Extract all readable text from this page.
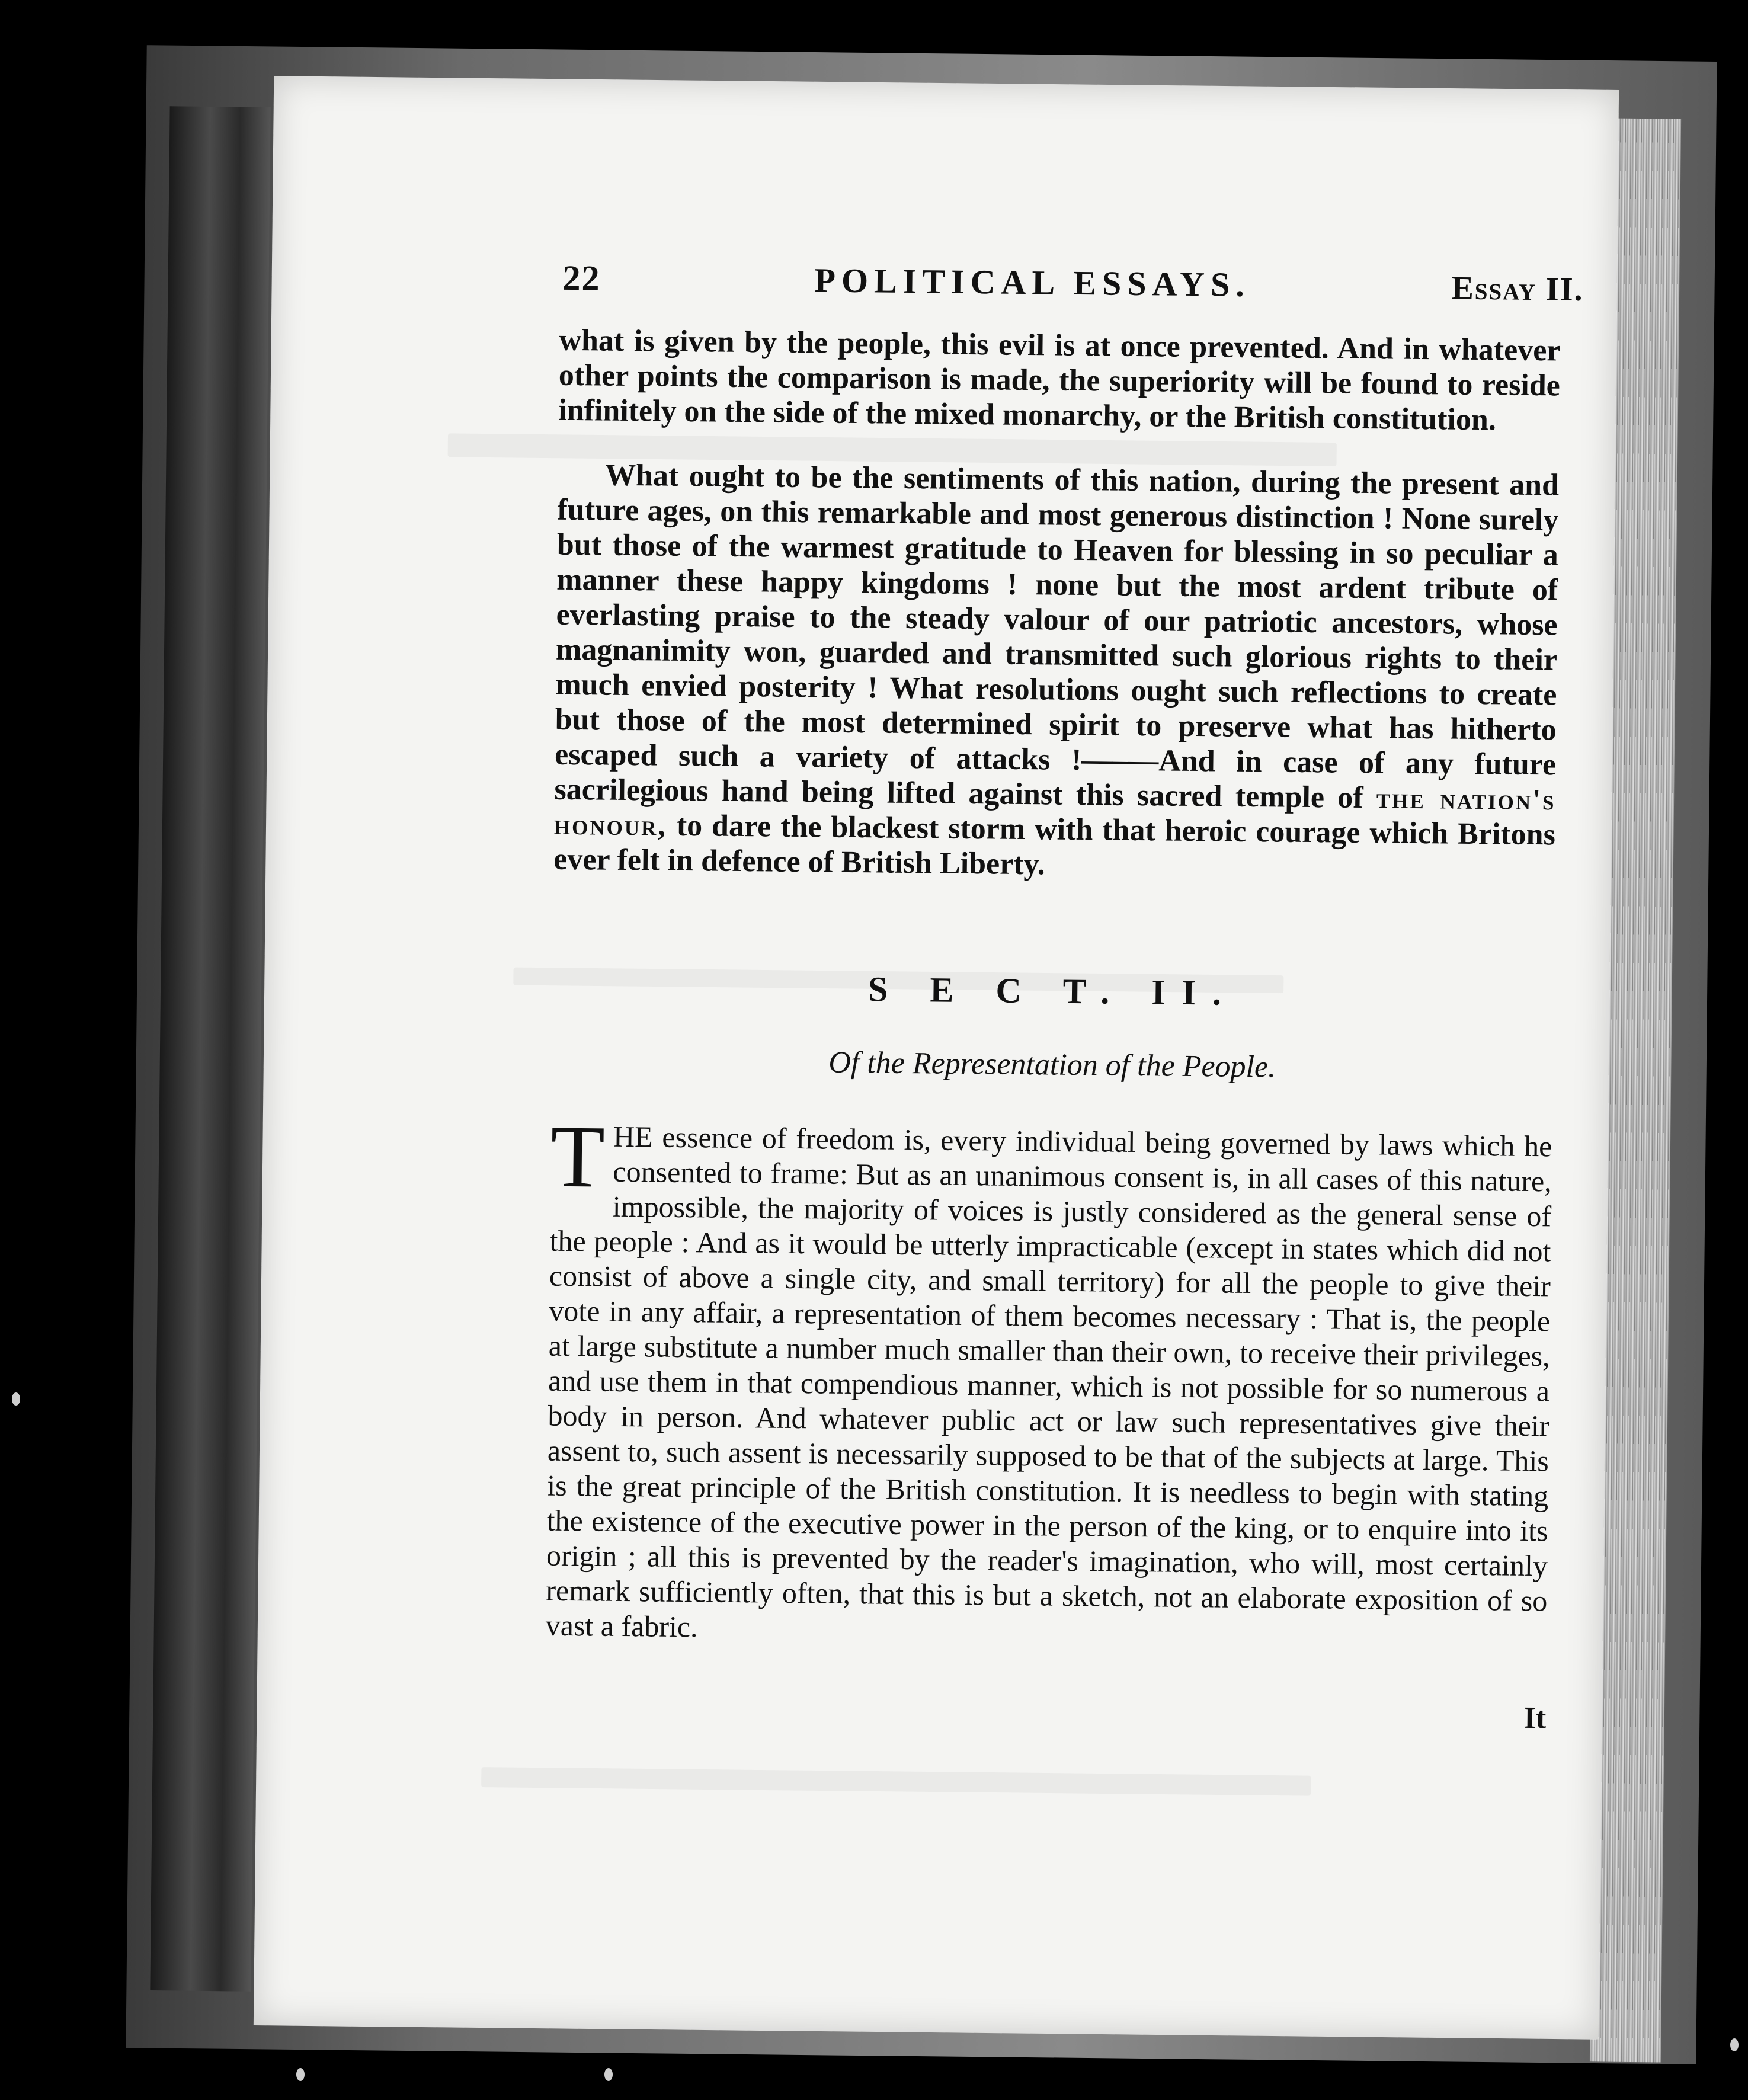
22	POLITICAL ESSAYS.	Essay II.

what is given by the people, this evil is at once prevented. And in whatever other points the comparison is made, the superiority will be found to reside infinitely on the side of the mixed monarchy, or the British constitution.

What ought to be the sentiments of this nation, during the present and future ages, on this remarkable and most generous distinction ! None surely but those of the warmest gratitude to Heaven for blessing in so peculiar a manner these happy kingdoms ! none but the most ardent tribute of everlasting praise to the steady valour of our patriotic ancestors, whose magnanimity won, guarded and transmitted such glorious rights to their much envied posterity ! What resolutions ought such reflections to create but those of the most determined spirit to preserve what has hitherto escaped such a variety of attacks !—–—And in case of any future sacrilegious hand being lifted against this sacred temple of the nation's honour, to dare the blackest storm with that heroic courage which Britons ever felt in defence of British Liberty.

S E C T. II.
Of the Representation of the People.

THE essence of freedom is, every individual being governed by laws which he consented to frame: But as an unanimous consent is, in all cases of this nature, impossible, the majority of voices is justly considered as the general sense of the people : And as it would be utterly impracticable (except in states which did not consist of above a single city, and small territory) for all the people to give their vote in any affair, a representation of them becomes necessary : That is, the people at large substitute a number much smaller than their own, to receive their privileges, and use them in that compendious manner, which is not possible for so numerous a body in person. And whatever public act or law such representatives give their assent to, such assent is necessarily supposed to be that of the subjects at large. This is the great principle of the British constitution. It is needless to begin with stating the existence of the executive power in the person of the king, or to enquire into its origin ; all this is prevented by the reader's imagination, who will, most certainly remark sufficiently often, that this is but a sketch, not an elaborate exposition of so vast a fabric.

It
